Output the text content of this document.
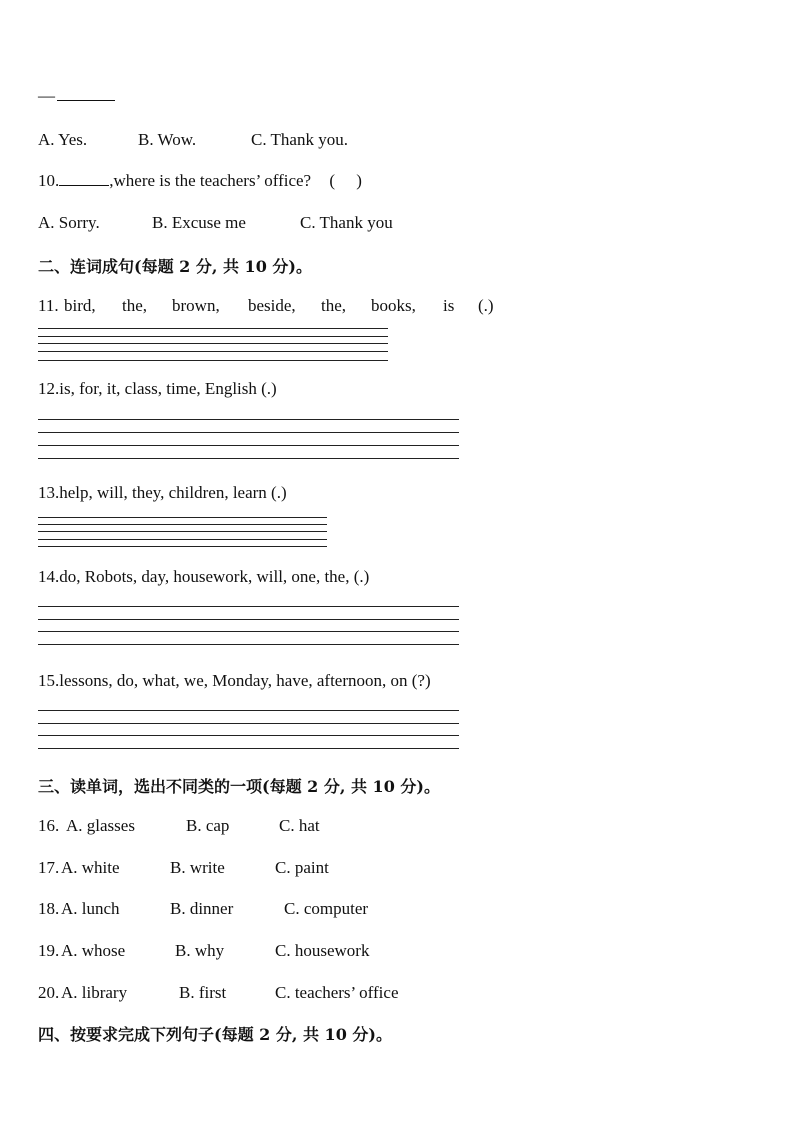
—
A. Yes.	B. Wow.	C. Thank you.
10.	,where is the teachers’ office? (     )
A. Sorry.	B. Excuse me	C. Thank you
二、连词成句(每题 2 分, 共 10 分)。
11. bird, the, brown, beside, the, books, is (.)
12.is, for, it, class, time, English (.)
13.help, will, they, children, learn (.)
14.do, Robots, day, housework, will, one, the, (.)
15.lessons, do, what, we, Monday, have, afternoon, on (?)
三、读单词，选出不同类的一项(每题 2 分, 共 10 分)。
16. A. glasses	B. cap	C. hat
17. A. white	B. write	C. paint
18. A. lunch	B. dinner	C. computer
19. A. whose	B. why	C. housework
20. A. library	B. first	C. teachers’ office
四、按要求完成下列句子(每题 2 分, 共 10 分)。
